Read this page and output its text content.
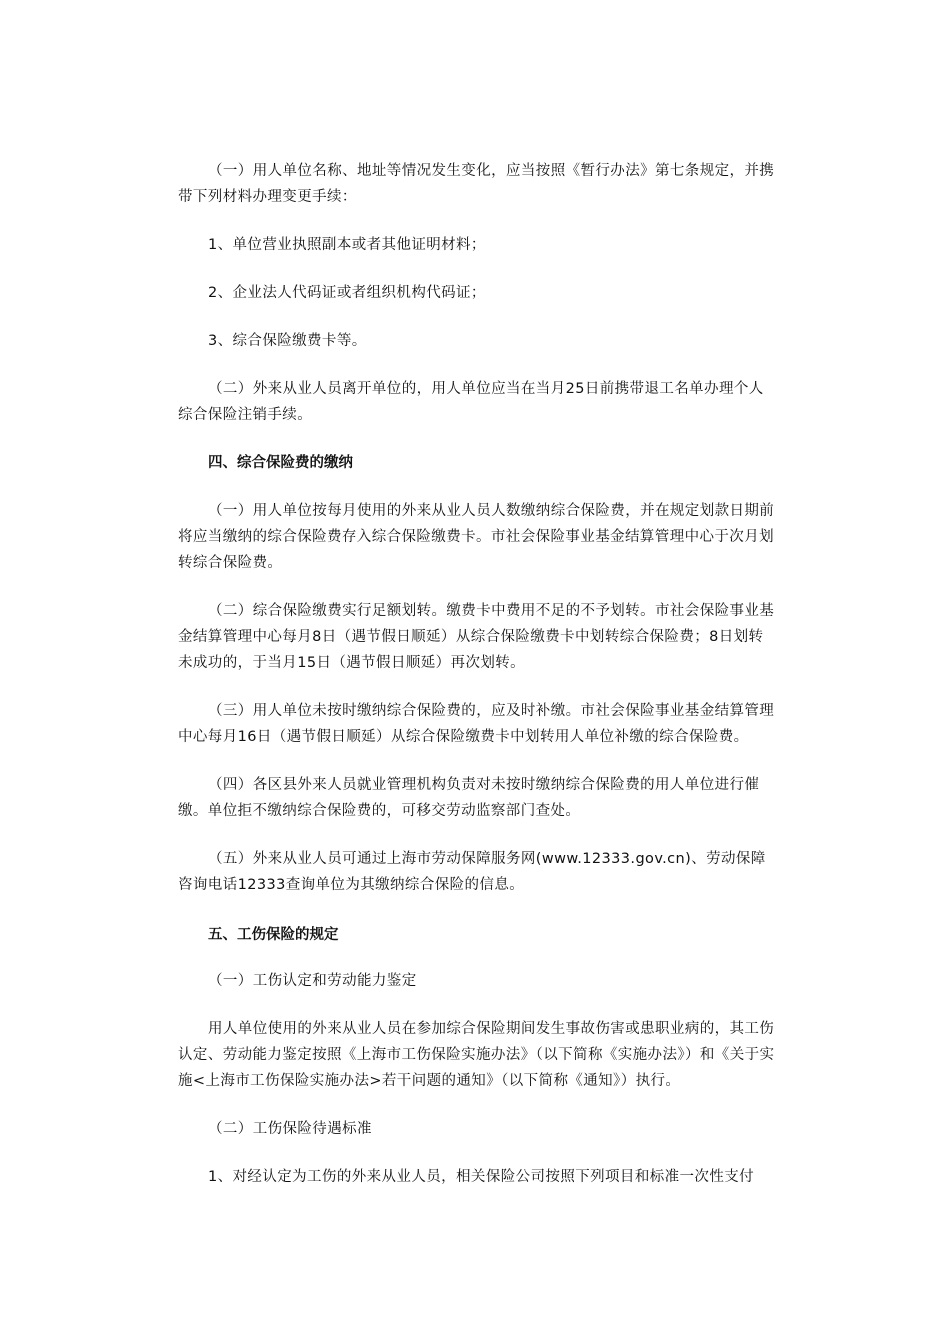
（一）用人单位名称、地址等情况发生变化，应当按照《暂行办法》第七条规定，并携带下列材料办理变更手续：

1、单位营业执照副本或者其他证明材料；

2、企业法人代码证或者组织机构代码证；

3、综合保险缴费卡等。

（二）外来从业人员离开单位的，用人单位应当在当月25日前携带退工名单办理个人综合保险注销手续。

四、综合保险费的缴纳

（一）用人单位按每月使用的外来从业人员人数缴纳综合保险费，并在规定划款日期前将应当缴纳的综合保险费存入综合保险缴费卡。市社会保险事业基金结算管理中心于次月划转综合保险费。

（二）综合保险缴费实行足额划转。缴费卡中费用不足的不予划转。市社会保险事业基金结算管理中心每月8日（遇节假日顺延）从综合保险缴费卡中划转综合保险费；8日划转未成功的，于当月15日（遇节假日顺延）再次划转。

（三）用人单位未按时缴纳综合保险费的，应及时补缴。市社会保险事业基金结算管理中心每月16日（遇节假日顺延）从综合保险缴费卡中划转用人单位补缴的综合保险费。

（四）各区县外来人员就业管理机构负责对未按时缴纳综合保险费的用人单位进行催缴。单位拒不缴纳综合保险费的，可移交劳动监察部门查处。

（五）外来从业人员可通过上海市劳动保障服务网(www.12333.gov.cn)、劳动保障咨询电话12333查询单位为其缴纳综合保险的信息。

五、工伤保险的规定

（一）工伤认定和劳动能力鉴定

用人单位使用的外来从业人员在参加综合保险期间发生事故伤害或患职业病的，其工伤认定、劳动能力鉴定按照《上海市工伤保险实施办法》（以下简称《实施办法》）和《关于实施<上海市工伤保险实施办法>若干问题的通知》（以下简称《通知》）执行。

（二）工伤保险待遇标准

1、对经认定为工伤的外来从业人员，相关保险公司按照下列项目和标准一次性支付
